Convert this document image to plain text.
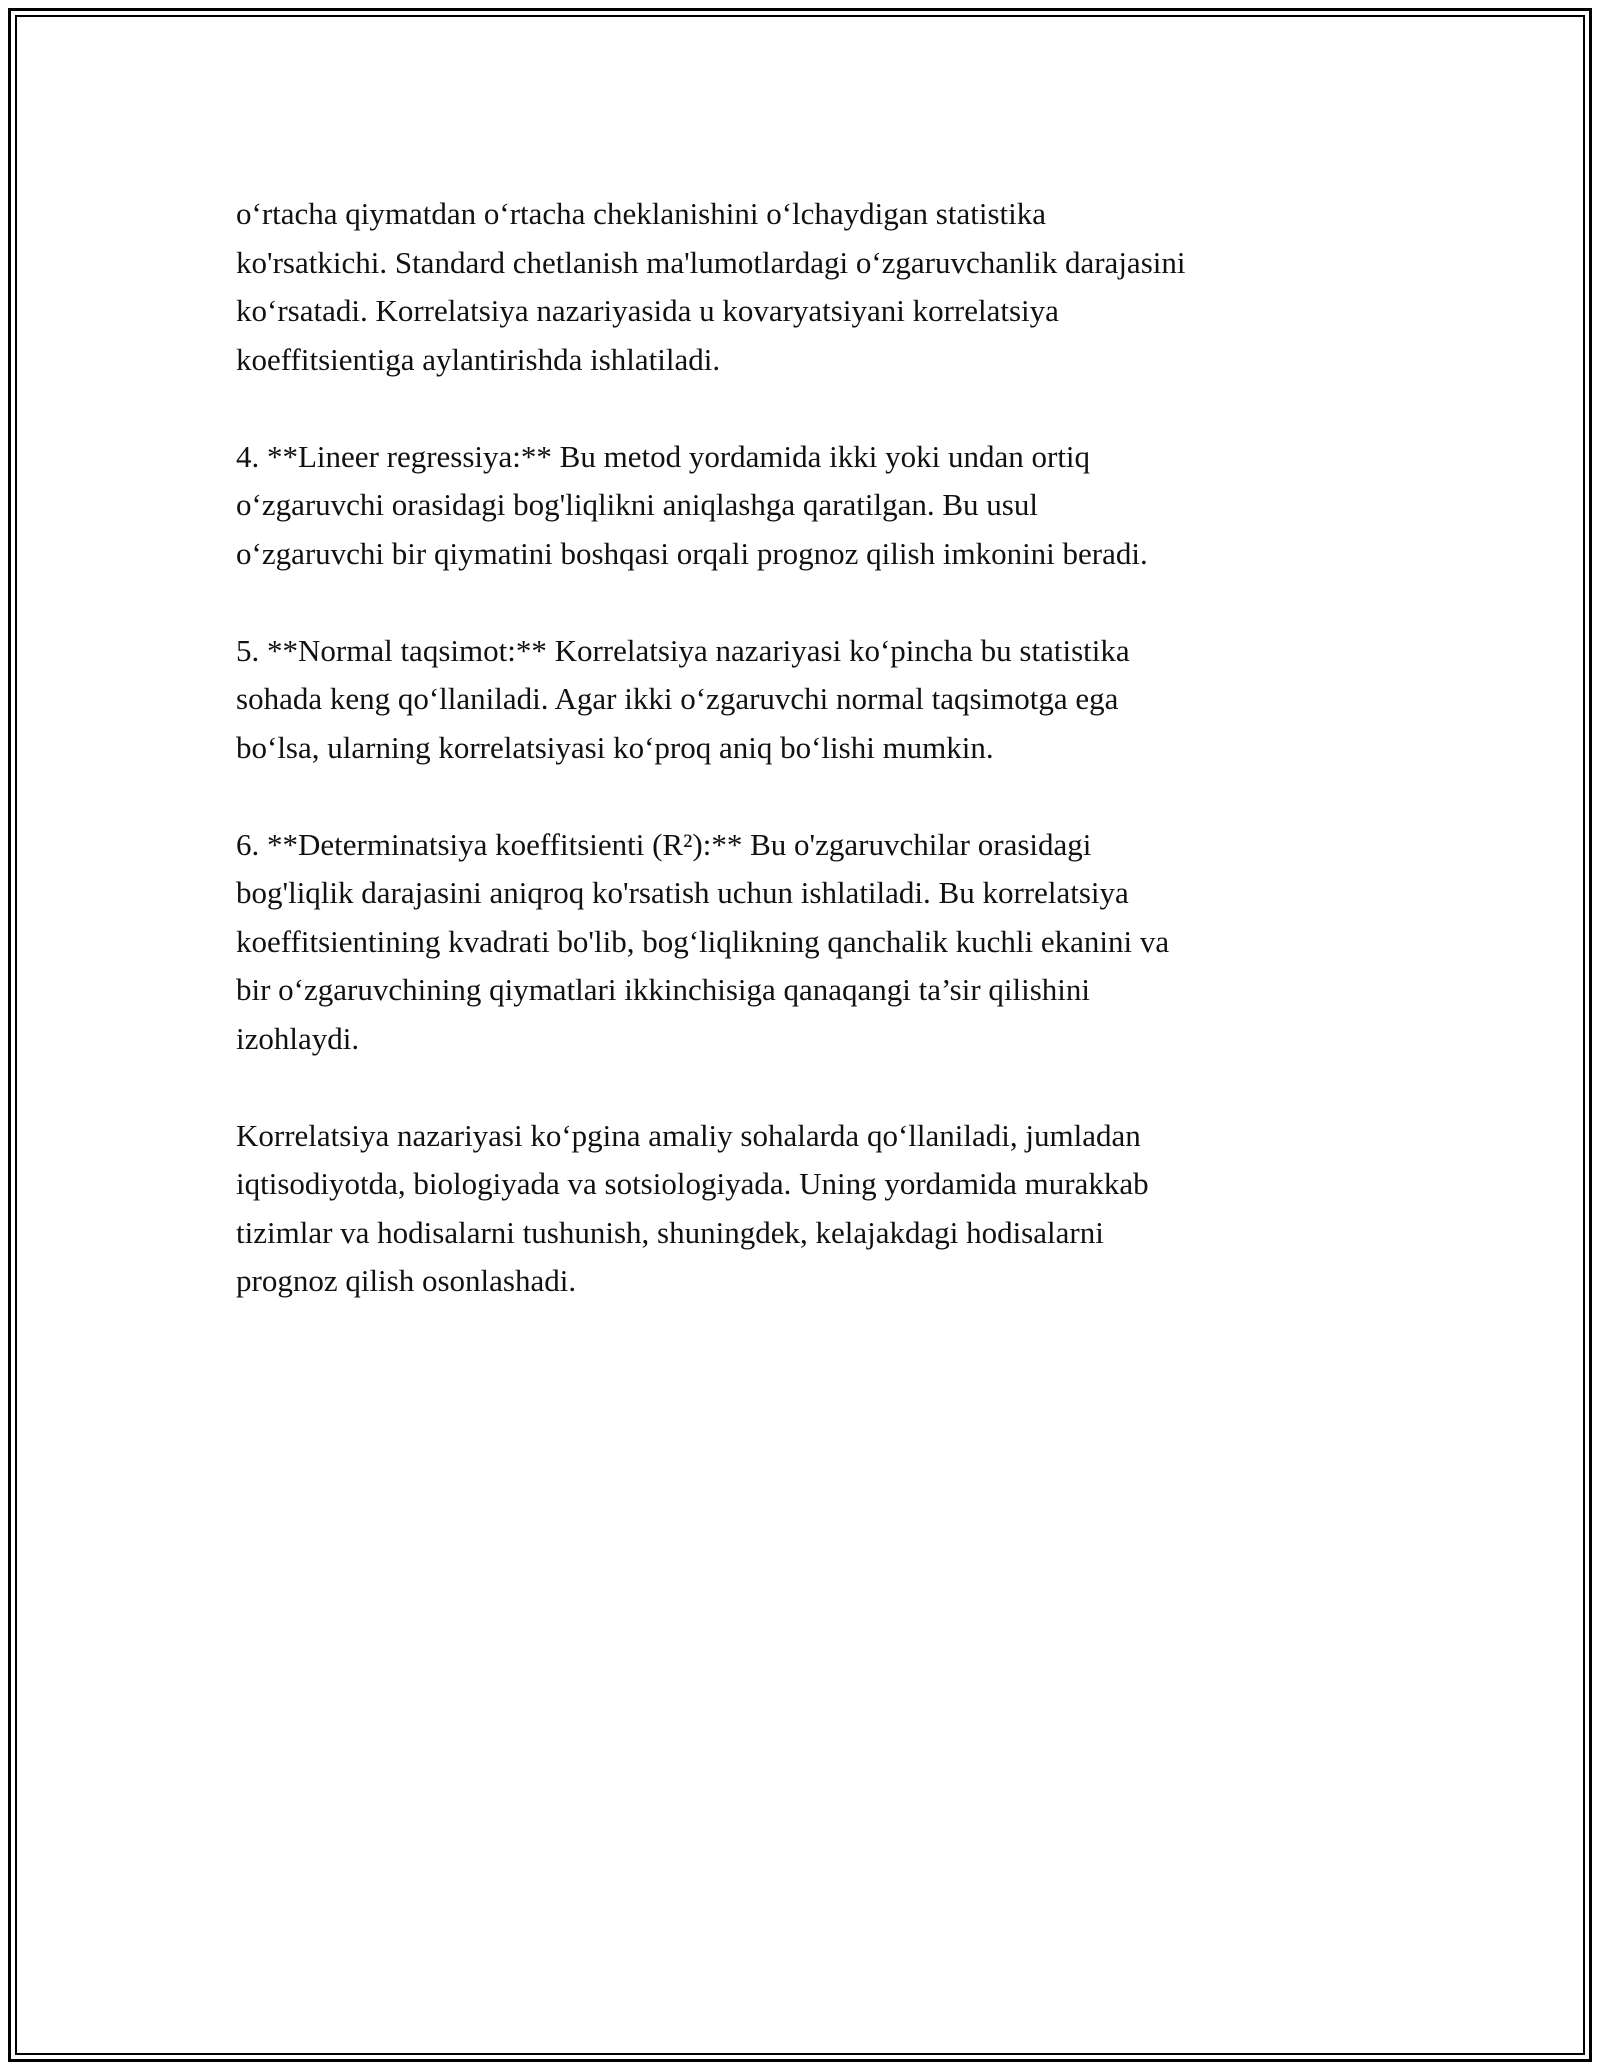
o‘rtacha qiymatdan o‘rtacha cheklanishini o‘lchaydigan statistika
ko'rsatkichi. Standard chetlanish ma'lumotlardagi o‘zgaruvchanlik darajasini
ko‘rsatadi. Korrelatsiya nazariyasida u kovaryatsiyani korrelatsiya
koeffitsientiga aylantirishda ishlatiladi.

4. **Lineer regressiya:** Bu metod yordamida ikki yoki undan ortiq
o‘zgaruvchi orasidagi bog'liqlikni aniqlashga qaratilgan. Bu usul
o‘zgaruvchi bir qiymatini boshqasi orqali prognoz qilish imkonini beradi.

5. **Normal taqsimot:** Korrelatsiya nazariyasi ko‘pincha bu statistika
sohada keng qo‘llaniladi. Agar ikki o‘zgaruvchi normal taqsimotga ega
bo‘lsa, ularning korrelatsiyasi ko‘proq aniq bo‘lishi mumkin.

6. **Determinatsiya koeffitsienti (R²):** Bu o'zgaruvchilar orasidagi
bog'liqlik darajasini aniqroq ko'rsatish uchun ishlatiladi. Bu korrelatsiya
koeffitsientining kvadrati bo'lib, bog‘liqlikning qanchalik kuchli ekanini va
bir o‘zgaruvchining qiymatlari ikkinchisiga qanaqangi ta’sir qilishini
izohlaydi.

Korrelatsiya nazariyasi ko‘pgina amaliy sohalarda qo‘llaniladi, jumladan
iqtisodiyotda, biologiyada va sotsiologiyada. Uning yordamida murakkab
tizimlar va hodisalarni tushunish, shuningdek, kelajakdagi hodisalarni
prognoz qilish osonlashadi.
